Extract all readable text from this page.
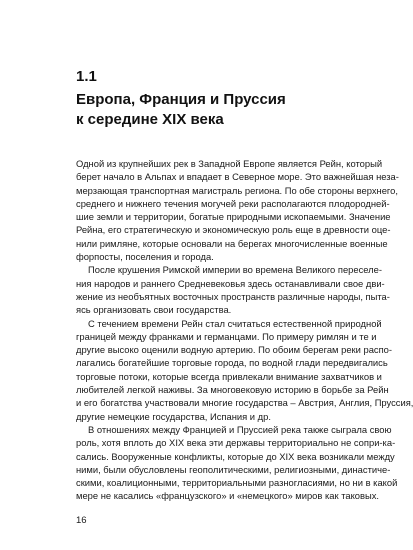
1.1
Европа, Франция и Пруссия
к середине XIX века

Одной из крупнейших рек в Западной Европе является Рейн, который
берет начало в Альпах и впадает в Северное море. Это важнейшая неза-
мерзающая транспортная магистраль региона. По обе стороны верхнего,
среднего и нижнего течения могучей реки располагаются плодородней-
шие земли и территории, богатые природными ископаемыми. Значение
Рейна, его стратегическую и экономическую роль еще в древности оце-
нили римляне, которые основали на берегах многочисленные военные
форпосты, поселения и города.

После крушения Римской империи во времена Великого переселе-
ния народов и раннего Средневековья здесь останавливали свое дви-
жение из необъятных восточных пространств различные народы, пыта-
ясь организовать свои государства.

С течением времени Рейн стал считаться естественной природной
границей между франками и германцами. По примеру римлян и те и
другие высоко оценили водную артерию. По обоим берегам реки распо-
лагались богатейшие торговые города, по водной глади передвигались
торговые потоки, которые всегда привлекали внимание захватчиков и
любителей легкой наживы. За многовековую историю в борьбе за Рейн
и его богатства участвовали многие государства – Австрия, Англия, Пруссия,
другие немецкие государства, Испания и др.

В отношениях между Францией и Пруссией река также сыграла свою
роль, хотя вплоть до XIX века эти державы территориально не сопри-ка-
сались. Вооруженные конфликты, которые до XIX века возникали между
ними, были обусловлены геополитическими, религиозными, династиче-
скими, коалиционными, территориальными разногласиями, но ни в какой
мере не касались «французского» и «немецкого» миров как таковых.

16
